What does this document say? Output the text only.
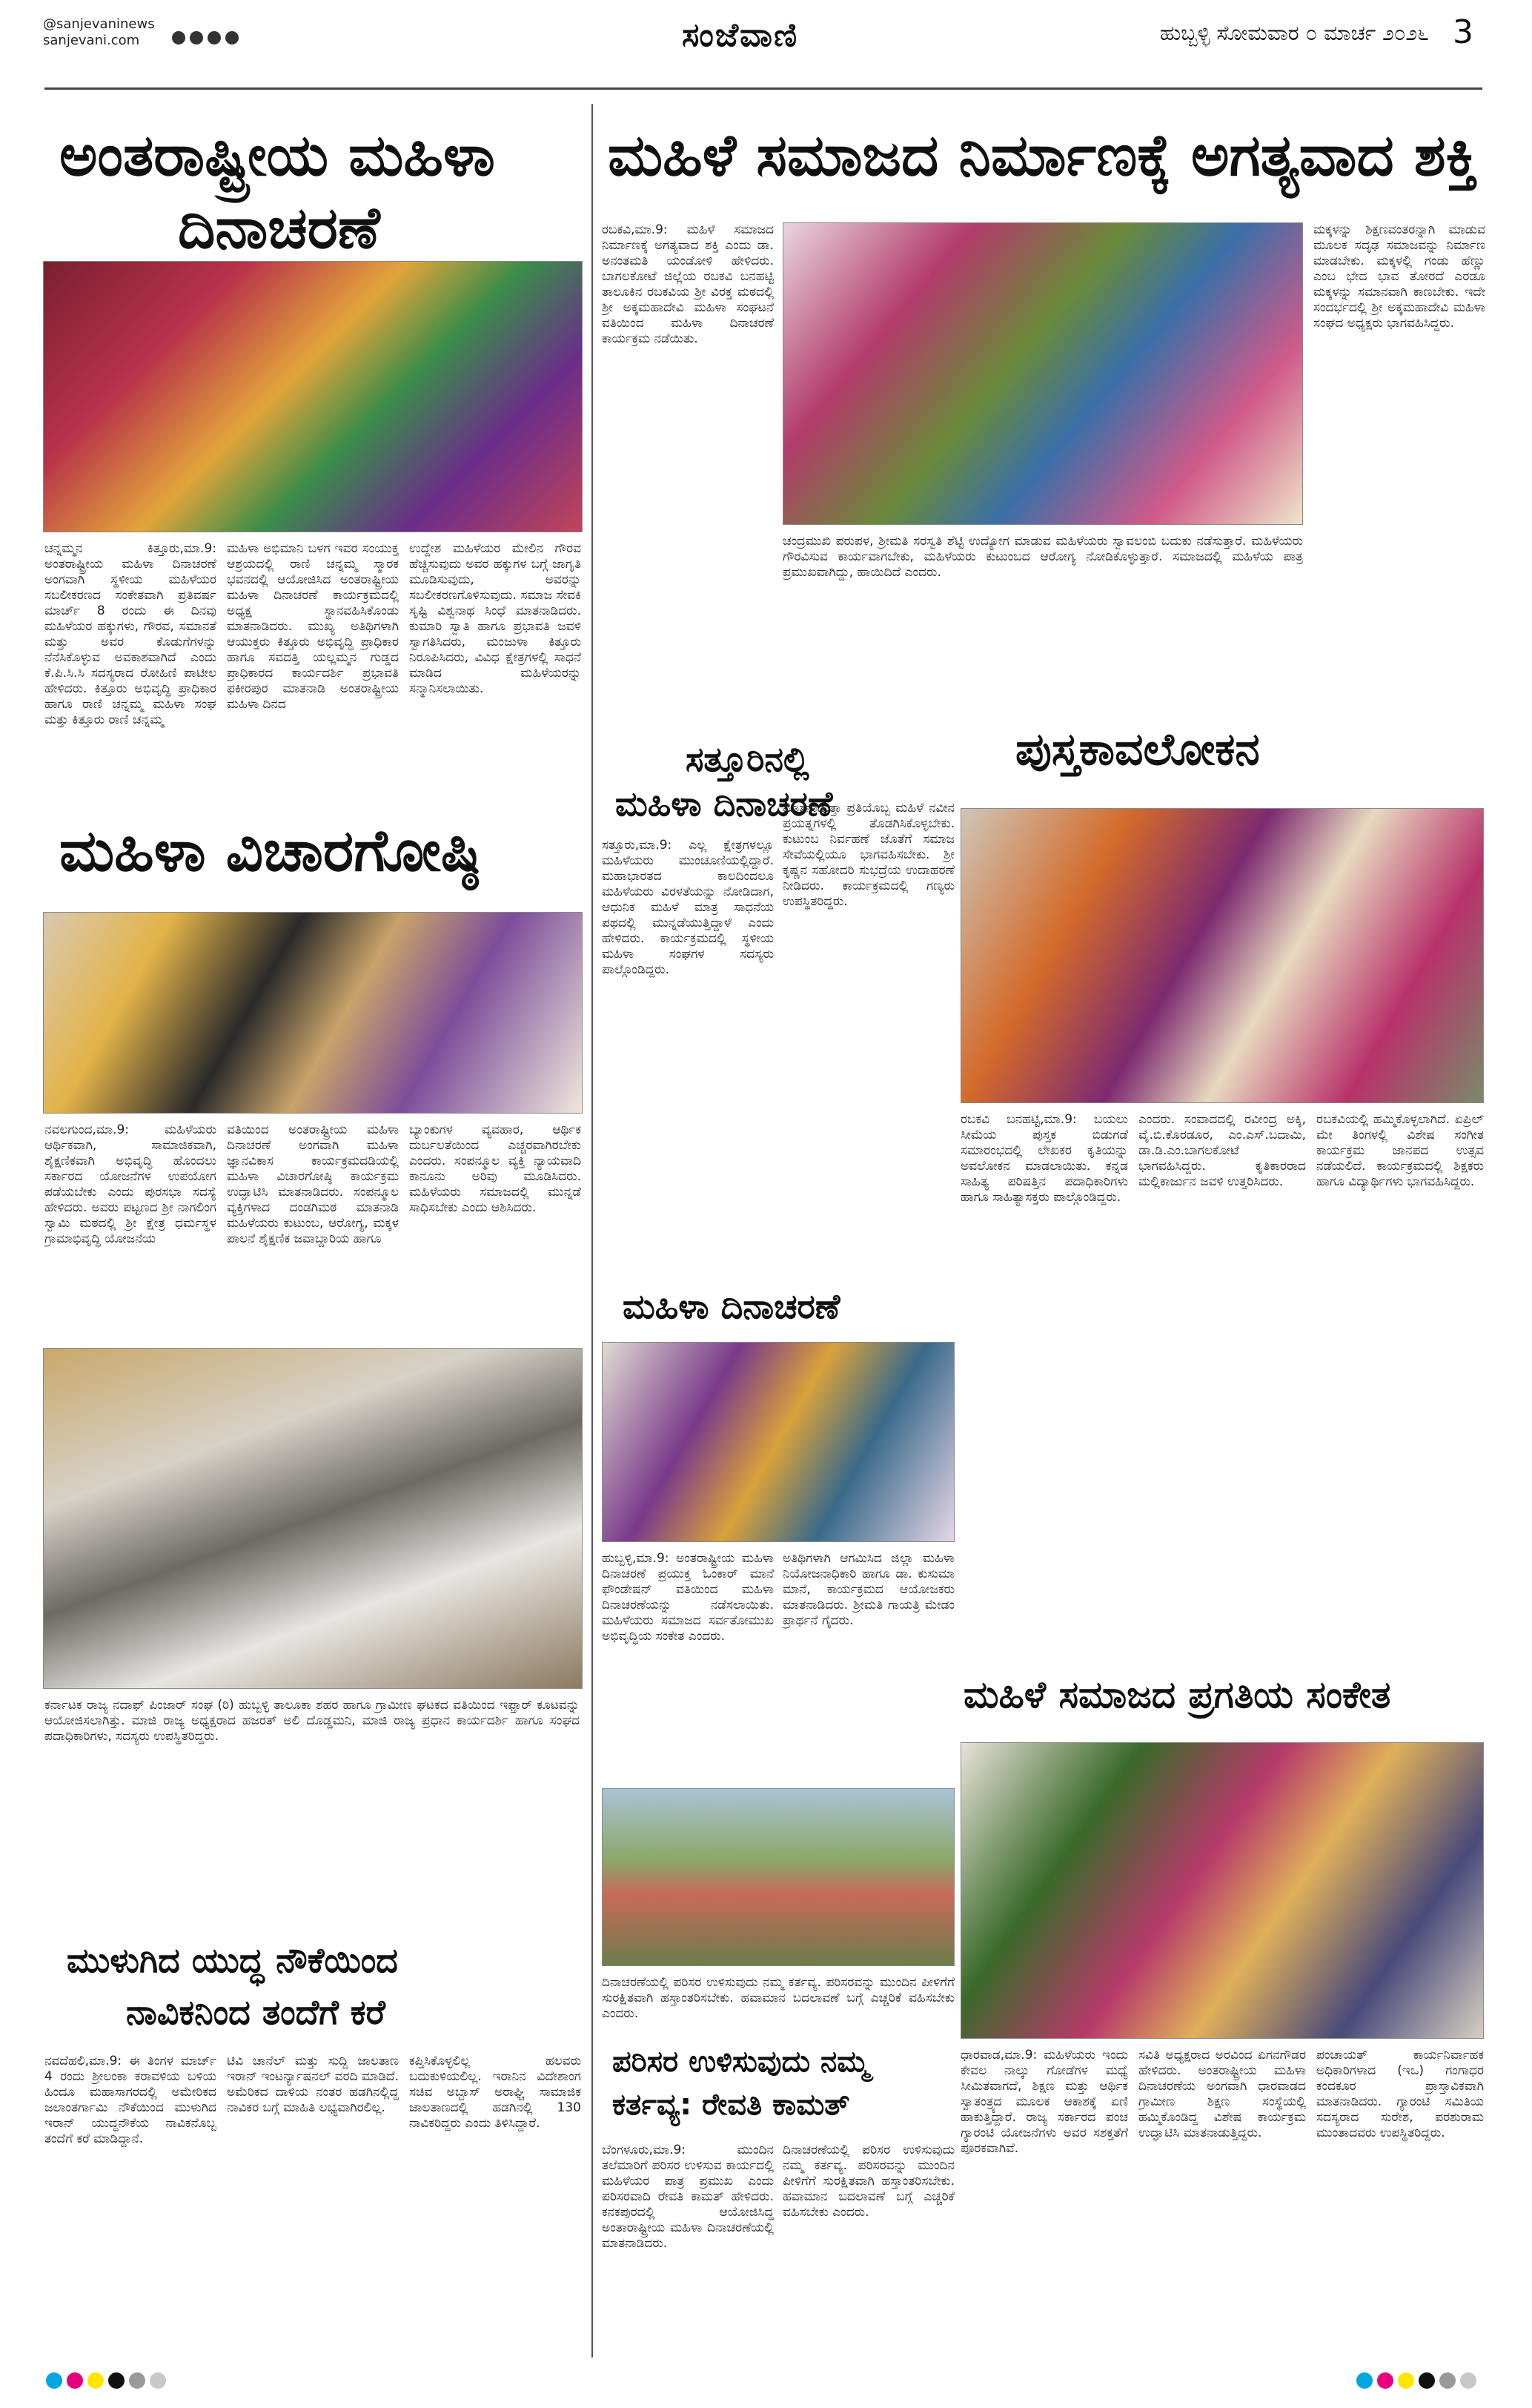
@sanjevaninews
sanjevani.com	ಸಂಜೆವಾಣಿ	ಹುಬ್ಬಳ್ಳಿ ಸೋಮವಾರ ೦ ಮಾರ್ಚ ೨೦೨೬ 3
ಅಂತರಾಷ್ಟ್ರೀಯ ಮಹಿಳಾ
ದಿನಾಚರಣೆ
ಚನ್ನಮ್ಮನ ಕಿತ್ತೂರು,ಮಾ.9: ಅಂತರಾಷ್ಟ್ರೀಯ ಮಹಿಳಾ ದಿನಾಚರಣೆ ಅಂಗವಾಗಿ ಸ್ಥಳೀಯ ಮಹಿಳೆಯರ ಸಬಲೀಕರಣದ ಸಂಕೇತವಾಗಿ ಪ್ರತಿವರ್ಷ ಮಾರ್ಚ್ 8 ರಂದು ಈ ದಿನವು ಮಹಿಳೆಯರ ಹಕ್ಕುಗಳು, ಗೌರವ, ಸಮಾನತೆ ಮತ್ತು ಅವರ ಕೊಡುಗೆಗಳನ್ನು ನೆನೆಸಿಕೊಳ್ಳುವ ಅವಕಾಶವಾಗಿದೆ ಎಂದು ಕೆ.ಪಿ.ಸಿ.ಸಿ ಸದಸ್ಯರಾದ ರೋಹಿಣಿ ಪಾಟೀಲ ಹೇಳಿದರು. ಕಿತ್ತೂರು ಅಭಿವೃದ್ಧಿ ಪ್ರಾಧಿಕಾರ ಹಾಗೂ ರಾಣಿ ಚನ್ನಮ್ಮ ಮಹಿಳಾ ಸಂಘ ಮತ್ತು ಕಿತ್ತೂರು ರಾಣಿ ಚನ್ನಮ್ಮ
ಮಹಿಳಾ ಅಭಿಮಾನಿ ಬಳಗ ಇವರ ಸಂಯುಕ್ತ ಆಶ್ರಯದಲ್ಲಿ ರಾಣಿ ಚನ್ನಮ್ಮ ಸ್ಮಾರಕ ಭವನದಲ್ಲಿ ಆಯೋಜಿಸಿದ ಅಂತರಾಷ್ಟ್ರೀಯ ಮಹಿಳಾ ದಿನಾಚರಣೆ ಕಾರ್ಯಕ್ರಮದಲ್ಲಿ ಅಧ್ಯಕ್ಷ ಸ್ಥಾನವಹಿಸಿಕೊಂಡು ಮಾತನಾಡಿದರು. ಮುಖ್ಯ ಅತಿಥಿಗಳಾಗಿ ಆಯುಕ್ತರು ಕಿತ್ತೂರು ಅಭಿವೃದ್ಧಿ ಪ್ರಾಧಿಕಾರ ಹಾಗೂ ಸವದತ್ತಿ ಯಲ್ಲಮ್ಮನ ಗುಡ್ಡದ ಪ್ರಾಧಿಕಾರದ ಕಾರ್ಯದರ್ಶಿ ಪ್ರಭಾವತಿ ಫಕೀರಪುರ ಮಾತನಾಡಿ ಅಂತರಾಷ್ಟ್ರೀಯ ಮಹಿಳಾ ದಿನದ
ಉದ್ದೇಶ ಮಹಿಳೆಯರ ಮೇಲಿನ ಗೌರವ ಹೆಚ್ಚಿಸುವುದು ಅವರ ಹಕ್ಕುಗಳ ಬಗ್ಗೆ ಜಾಗೃತಿ ಮೂಡಿಸುವುದು, ಅವರನ್ನು ಸಬಲೀಕರಣಗೊಳಿಸುವುದು. ಸಮಾಜ ಸೇವಕಿ ಸೃಷ್ಟಿ ವಿಶ್ವನಾಥ ಸಿಂಧೆ ಮಾತನಾಡಿದರು. ಕುಮಾರಿ ಸ್ವಾತಿ ಹಾಗೂ ಪ್ರಭಾವತಿ ಜವಳಿ ಸ್ವಾಗತಿಸಿದರು, ಮಂಜುಳಾ ಕಿತ್ತೂರು ನಿರೂಪಿಸಿದರು, ವಿವಿಧ ಕ್ಷೇತ್ರಗಳಲ್ಲಿ ಸಾಧನೆ ಮಾಡಿದ ಮಹಿಳೆಯರನ್ನು ಸನ್ಮಾನಿಸಲಾಯಿತು.
ಮಹಿಳಾ ವಿಚಾರಗೋಷ್ಠಿ
ನವಲಗುಂದ,ಮಾ.9: ಮಹಿಳೆಯರು ಆರ್ಥಿಕವಾಗಿ, ಸಾಮಾಜಿಕವಾಗಿ, ಶೈಕ್ಷಣಿಕವಾಗಿ ಅಭಿವೃದ್ಧಿ ಹೊಂದಲು ಸರ್ಕಾರದ ಯೋಜನೆಗಳ ಉಪಯೋಗ ಪಡೆಯಬೇಕು ಎಂದು ಪುರಸಭಾ ಸದಸ್ಯೆ ಹೇಳಿದರು. ಅವರು ಪಟ್ಟಣದ ಶ್ರೀ ನಾಗಲಿಂಗ ಸ್ವಾಮಿ ಮಠದಲ್ಲಿ ಶ್ರೀ ಕ್ಷೇತ್ರ ಧರ್ಮಸ್ಥಳ ಗ್ರಾಮಾಭಿವೃದ್ಧಿ ಯೋಜನೆಯ
ವತಿಯಿಂದ ಅಂತರಾಷ್ಟ್ರೀಯ ಮಹಿಳಾ ದಿನಾಚರಣೆ ಅಂಗವಾಗಿ ಮಹಿಳಾ ಜ್ಞಾನವಿಕಾಸ ಕಾರ್ಯಕ್ರಮದಡಿಯಲ್ಲಿ ಮಹಿಳಾ ವಿಚಾರಗೋಷ್ಠಿ ಕಾರ್ಯಕ್ರಮ ಉದ್ಘಾಟಿಸಿ ಮಾತನಾಡಿದರು. ಸಂಪನ್ಮೂಲ ವ್ಯಕ್ತಿಗಳಾದ ದಂಡಗಿಮಠ ಮಾತನಾಡಿ ಮಹಿಳೆಯರು ಕುಟುಂಬ, ಆರೋಗ್ಯ, ಮಕ್ಕಳ ಪಾಲನೆ ಶೈಕ್ಷಣಿಕ ಜವಾಬ್ದಾರಿಯ ಹಾಗೂ
ಬ್ಯಾಂಕುಗಳ ವ್ಯವಹಾರ, ಆರ್ಥಿಕ ದುರ್ಬಲತೆಯಿಂದ ಎಚ್ಚರವಾಗಿರಬೇಕು ಎಂದರು. ಸಂಪನ್ಮೂಲ ವ್ಯಕ್ತಿ ನ್ಯಾಯವಾದಿ ಕಾನೂನು ಅರಿವು ಮೂಡಿಸಿದರು. ಮಹಿಳೆಯರು ಸಮಾಜದಲ್ಲಿ ಮುನ್ನಡೆ ಸಾಧಿಸಬೇಕು ಎಂದು ಆಶಿಸಿದರು.
ಕರ್ನಾಟಕ ರಾಜ್ಯ ನದಾಫ್ ಪಿಂಜಾರ್ ಸಂಘ (ರಿ) ಹುಬ್ಬಳ್ಳಿ ತಾಲೂಕಾ ಶಹರ ಹಾಗೂ ಗ್ರಾಮೀಣ ಘಟಕದ ವತಿಯಿಂದ ಇಫ್ತಾರ್ ಕೂಟವನ್ನು ಆಯೋಜಿಸಲಾಗಿತ್ತು. ಮಾಜಿ ರಾಜ್ಯ ಅಧ್ಯಕ್ಷರಾದ ಹಜರತ್ ಅಲಿ ದೊಡ್ಡಮನಿ, ಮಾಜಿ ರಾಜ್ಯ ಪ್ರಧಾನ ಕಾರ್ಯದರ್ಶಿ ಹಾಗೂ ಸಂಘದ ಪದಾಧಿಕಾರಿಗಳು, ಸದಸ್ಯರು ಉಪಸ್ಥಿತರಿದ್ದರು.
ಮುಳುಗಿದ ಯುದ್ಧ ನೌಕೆಯಿಂದ
ನಾವಿಕನಿಂದ ತಂದೆಗೆ ಕರೆ
ನವದೆಹಲಿ,ಮಾ.9: ಈ ತಿಂಗಳ ಮಾರ್ಚ್ 4 ರಂದು ಶ್ರೀಲಂಕಾ ಕರಾವಳಿಯ ಬಳಿಯ ಹಿಂದೂ ಮಹಾಸಾಗರದಲ್ಲಿ ಅಮೇರಿಕದ ಜಲಾಂತರ್ಗಾಮಿ ನೌಕೆಯಿಂದ ಮುಳುಗಿದ ಇರಾನ್ ಯುದ್ಧನೌಕೆಯ ನಾವಿಕನೊಬ್ಬ ತಂದೆಗೆ ಕರೆ ಮಾಡಿದ್ದಾನೆ.
ಟಿವಿ ಚಾನೆಲ್ ಮತ್ತು ಸುದ್ದಿ ಜಾಲತಾಣ ಇರಾನ್ ಇಂಟರ್ನ್ಯಾಷನಲ್ ವರದಿ ಮಾಡಿದೆ. ಅಮೆರಿಕದ ದಾಳಿಯ ನಂತರ ಹಡಗಿನಲ್ಲಿದ್ದ ನಾವಿಕರ ಬಗ್ಗೆ ಮಾಹಿತಿ ಲಭ್ಯವಾಗಿರಲಿಲ್ಲ.
ಕಪ್ತಿಸಿಕೊಳ್ಳಲಿಲ್ಲ ಹಲವರು ಬದುಕುಳಿಯಲಿಲ್ಲ. ಇರಾನಿನ ವಿದೇಶಾಂಗ ಸಚಿವ ಅಬ್ಬಾಸ್ ಅರಾಘ್ಚಿ ಸಾಮಾಜಿಕ ಜಾಲತಾಣದಲ್ಲಿ ಹಡಗಿನಲ್ಲಿ 130 ನಾವಿಕರಿದ್ದರು ಎಂದು ತಿಳಿಸಿದ್ದಾರೆ.
ಮಹಿಳೆ ಸಮಾಜದ ನಿರ್ಮಾಣಕ್ಕೆ ಅಗತ್ಯವಾದ ಶಕ್ತಿ
ರಬಕವಿ,ಮಾ.9: ಮಹಿಳೆ ಸಮಾಜದ ನಿರ್ಮಾಣಕ್ಕೆ ಅಗತ್ಯವಾದ ಶಕ್ತಿ ಎಂದು ಡಾ. ಅನಂತಮತಿ ಯಂಡೋಳಿ ಹೇಳಿದರು. ಬಾಗಲಕೋಟೆ ಜಿಲ್ಲೆಯ ರಬಕವಿ ಬನಹಟ್ಟಿ ತಾಲೂಕಿನ ರಬಕವಿಯ ಶ್ರೀ ವಿರಕ್ತ ಮಠದಲ್ಲಿ ಶ್ರೀ ಅಕ್ಕಮಹಾದೇವಿ ಮಹಿಳಾ ಸಂಘಟನೆ ವತಿಯಿಂದ ಮಹಿಳಾ ದಿನಾಚರಣೆ ಕಾರ್ಯಕ್ರಮ ನಡೆಯಿತು.
ಮಕ್ಕಳನ್ನು ಶಿಕ್ಷಣವಂತರನ್ನಾಗಿ ಮಾಡುವ ಮೂಲಕ ಸದೃಢ ಸಮಾಜವನ್ನು ನಿರ್ಮಾಣ ಮಾಡಬೇಕು. ಮಕ್ಕಳಲ್ಲಿ ಗಂಡು ಹೆಣ್ಣು ಎಂಬ ಭೇದ ಭಾವ ತೋರದೆ ಎರಡೂ ಮಕ್ಕಳನ್ನು ಸಮಾನವಾಗಿ ಕಾಣಬೇಕು. ಇದೇ ಸಂದರ್ಭದಲ್ಲಿ ಶ್ರೀ ಅಕ್ಕಮಹಾದೇವಿ ಮಹಿಳಾ ಸಂಘದ ಅಧ್ಯಕ್ಷರು ಭಾಗವಹಿಸಿದ್ದರು.
ಚಂದ್ರಮುಖಿ ಪರುಪಳ, ಶ್ರೀಮತಿ ಸರಸ್ವತಿ ಶೆಟ್ಟಿ ಉದ್ಯೋಗ ಮಾಡುವ ಮಹಿಳೆಯರು ಸ್ವಾವಲಂಬಿ ಬದುಕು ನಡೆಸುತ್ತಾರೆ. ಮಹಿಳೆಯರು ಗೌರವಿಸುವ ಕಾರ್ಯವಾಗಬೇಕು, ಮಹಿಳೆಯರು ಕುಟುಂಬದ ಆರೋಗ್ಯ ನೋಡಿಕೊಳ್ಳುತ್ತಾರೆ. ಸಮಾಜದಲ್ಲಿ ಮಹಿಳೆಯ ಪಾತ್ರ ಪ್ರಮುಖವಾಗಿದ್ದು, ಹಾಯಿದಿದೆ ಎಂದರು.
ಸತ್ತೂರಿನಲ್ಲಿ
ಮಹಿಳಾ ದಿನಾಚರಣೆ
ಸತ್ತೂರು,ಮಾ.9: ಎಲ್ಲ ಕ್ಷೇತ್ರಗಳಲ್ಲೂ ಮಹಿಳೆಯರು ಮುಂಚೂಣಿಯಲ್ಲಿದ್ದಾರೆ. ಮಹಾಭಾರತದ ಕಾಲದಿಂದಲೂ ಮಹಿಳೆಯರು ವಿರಳತೆಯನ್ನು ನೋಡಿದಾಗ, ಆಧುನಿಕ ಮಹಿಳೆ ಮಾತ್ರ ಸಾಧನೆಯ ಪಥದಲ್ಲಿ ಮುನ್ನಡೆಯುತ್ತಿದ್ದಾಳೆ ಎಂದು ಹೇಳಿದರು. ಕಾರ್ಯಕ್ರಮದಲ್ಲಿ ಸ್ಥಳೀಯ ಮಹಿಳಾ ಸಂಘಗಳ ಸದಸ್ಯರು ಪಾಲ್ಗೊಂಡಿದ್ದರು.
ಮಾತನಾಡುತ್ತಾ ಪ್ರತಿಯೊಬ್ಬ ಮಹಿಳೆ ನವೀನ ಪ್ರಯತ್ನಗಳಲ್ಲಿ ತೊಡಗಿಸಿಕೊಳ್ಳಬೇಕು. ಕುಟುಂಬ ನಿರ್ವಹಣೆ ಜೊತೆಗೆ ಸಮಾಜ ಸೇವೆಯಲ್ಲಿಯೂ ಭಾಗವಹಿಸಬೇಕು. ಶ್ರೀ ಕೃಷ್ಣನ ಸಹೋದರಿ ಸುಭದ್ರೆಯ ಉದಾಹರಣೆ ನೀಡಿದರು. ಕಾರ್ಯಕ್ರಮದಲ್ಲಿ ಗಣ್ಯರು ಉಪಸ್ಥಿತರಿದ್ದರು.
ಪುಸ್ತಕಾವಲೋಕನ
ರಬಕವಿ ಬನಹಟ್ಟಿ,ಮಾ.9: ಬಯಲು ಸೀಮೆಯ ಪುಸ್ತಕ ಬಿಡುಗಡೆ ಸಮಾರಂಭದಲ್ಲಿ ಲೇಖಕರ ಕೃತಿಯನ್ನು ಅವಲೋಕನ ಮಾಡಲಾಯಿತು. ಕನ್ನಡ ಸಾಹಿತ್ಯ ಪರಿಷತ್ತಿನ ಪದಾಧಿಕಾರಿಗಳು ಹಾಗೂ ಸಾಹಿತ್ಯಾಸಕ್ತರು ಪಾಲ್ಗೊಂಡಿದ್ದರು.
ಎಂದರು. ಸಂವಾದದಲ್ಲಿ ರವೀಂದ್ರ ಅಕ್ಕಿ, ವೈ.ಬಿ.ಕೊರಡೂರ, ಎಂ.ಎಸ್.ಬದಾಮಿ, ಡಾ.ಡಿ.ಎಂ.ಬಾಗಲಕೋಟೆ ಭಾಗವಹಿಸಿದ್ದರು. ಕೃತಿಕಾರರಾದ ಮಲ್ಲಿಕಾರ್ಜುನ ಜವಳಿ ಉತ್ತರಿಸಿದರು.
ರಬಕವಿಯಲ್ಲಿ ಹಮ್ಮಿಕೊಳ್ಳಲಾಗಿದೆ. ಏಪ್ರಿಲ್ ಮೇ ತಿಂಗಳಲ್ಲಿ ವಿಶೇಷ ಸಂಗೀತ ಕಾರ್ಯಕ್ರಮ ಜಾನಪದ ಉತ್ಸವ ನಡೆಯಲಿದೆ. ಕಾರ್ಯಕ್ರಮದಲ್ಲಿ ಶಿಕ್ಷಕರು ಹಾಗೂ ವಿದ್ಯಾರ್ಥಿಗಳು ಭಾಗವಹಿಸಿದ್ದರು.
ಮಹಿಳಾ ದಿನಾಚರಣೆ
ಹುಬ್ಬಳ್ಳಿ,ಮಾ.9: ಅಂತರಾಷ್ಟ್ರೀಯ ಮಹಿಳಾ ದಿನಾಚರಣೆ ಪ್ರಯುಕ್ತ ಓಂಕಾರ್ ಮಾನೆ ಫೌಂಡೇಷನ್ ವತಿಯಿಂದ ಮಹಿಳಾ ದಿನಾಚರಣೆಯನ್ನು ನಡೆಸಲಾಯಿತು. ಮಹಿಳೆಯರು ಸಮಾಜದ ಸರ್ವತೋಮುಖ ಅಭಿವೃದ್ಧಿಯ ಸಂಕೇತ ಎಂದರು.
ಅತಿಥಿಗಳಾಗಿ ಆಗಮಿಸಿದ ಜಿಲ್ಲಾ ಮಹಿಳಾ ನಿಯೋಜನಾಧಿಕಾರಿ ಹಾಗೂ ಡಾ. ಕುಸುಮಾ ಮಾನೆ, ಕಾರ್ಯಕ್ರಮದ ಆಯೋಜಕರು ಮಾತನಾಡಿದರು. ಶ್ರೀಮತಿ ಗಾಯತ್ರಿ ಮೇಡಂ ಪ್ರಾರ್ಥನೆ ಗೈದರು.
ದಿನಾಚರಣೆಯಲ್ಲಿ ಪರಿಸರ ಉಳಿಸುವುದು ನಮ್ಮ ಕರ್ತವ್ಯ. ಪರಿಸರವನ್ನು ಮುಂದಿನ ಪೀಳಿಗೆಗೆ ಸುರಕ್ಷಿತವಾಗಿ ಹಸ್ತಾಂತರಿಸಬೇಕು. ಹವಾಮಾನ ಬದಲಾವಣೆ ಬಗ್ಗೆ ಎಚ್ಚರಿಕೆ ವಹಿಸಬೇಕು ಎಂದರು.
ಪರಿಸರ ಉಳಿಸುವುದು ನಮ್ಮ
ಕರ್ತವ್ಯ: ರೇವತಿ ಕಾಮತ್
ಬೆಂಗಳೂರು,ಮಾ.9: ಮುಂದಿನ ತಲೆಮಾರಿಗೆ ಪರಿಸರ ಉಳಿಸುವ ಕಾರ್ಯದಲ್ಲಿ ಮಹಿಳೆಯರ ಪಾತ್ರ ಪ್ರಮುಖ ಎಂದು ಪರಿಸರವಾದಿ ರೇವತಿ ಕಾಮತ್ ಹೇಳಿದರು. ಕನಕಪುರದಲ್ಲಿ ಆಯೋಜಿಸಿದ್ದ ಅಂತಾರಾಷ್ಟ್ರೀಯ ಮಹಿಳಾ ದಿನಾಚರಣೆಯಲ್ಲಿ ಮಾತನಾಡಿದರು.
ದಿನಾಚರಣೆಯಲ್ಲಿ ಪರಿಸರ ಉಳಿಸುವುದು ನಮ್ಮ ಕರ್ತವ್ಯ. ಪರಿಸರವನ್ನು ಮುಂದಿನ ಪೀಳಿಗೆಗೆ ಸುರಕ್ಷಿತವಾಗಿ ಹಸ್ತಾಂತರಿಸಬೇಕು. ಹವಾಮಾನ ಬದಲಾವಣೆ ಬಗ್ಗೆ ಎಚ್ಚರಿಕೆ ವಹಿಸಬೇಕು ಎಂದರು.
ಮಹಿಳೆ ಸಮಾಜದ ಪ್ರಗತಿಯ ಸಂಕೇತ
ಧಾರವಾಡ,ಮಾ.9: ಮಹಿಳೆಯರು ಇಂದು ಕೇವಲ ನಾಲ್ಕು ಗೋಡೆಗಳ ಮಧ್ಯೆ ಸೀಮಿತವಾಗದೆ, ಶಿಕ್ಷಣ ಮತ್ತು ಆರ್ಥಿಕ ಸ್ವಾತಂತ್ರ್ಯದ ಮೂಲಕ ಆಕಾಶಕ್ಕೆ ಏಣಿ ಹಾಕುತ್ತಿದ್ದಾರೆ. ರಾಜ್ಯ ಸರ್ಕಾರದ ಪಂಚ ಗ್ಯಾರಂಟಿ ಯೋಜನೆಗಳು ಅವರ ಸಶಕ್ತತೆಗೆ ಪೂರಕವಾಗಿವೆ.
ಸವಿತಿ ಅಧ್ಯಕ್ಷರಾದ ಅರವಿಂದ ಏಗನಗೌಡರ ಹೇಳಿದರು. ಅಂತರಾಷ್ಟ್ರೀಯ ಮಹಿಳಾ ದಿನಾಚರಣೆಯ ಅಂಗವಾಗಿ ಧಾರವಾಡದ ಗ್ರಾಮೀಣ ಶಿಕ್ಷಣ ಸಂಸ್ಥೆಯಲ್ಲಿ ಹಮ್ಮಿಕೊಂಡಿದ್ದ ವಿಶೇಷ ಕಾರ್ಯಕ್ರಮ ಉದ್ಘಾಟಿಸಿ ಮಾತನಾಡುತ್ತಿದ್ದರು.
ಪಂಚಾಯತ್ ಕಾರ್ಯನಿರ್ವಾಹಕ ಅಧಿಕಾರಿಗಳಾದ (ಇಒ) ಗಂಗಾಧರ ಕಂದಕೂರ ಪ್ರಾಸ್ತಾವಿಕವಾಗಿ ಮಾತನಾಡಿದರು. ಗ್ಯಾರಂಟಿ ಸಮಿತಿಯ ಸದಸ್ಯರಾದ ಸುರೇಶ, ಪರಶುರಾಮ ಮುಂತಾದವರು ಉಪಸ್ಥಿತರಿದ್ದರು.
